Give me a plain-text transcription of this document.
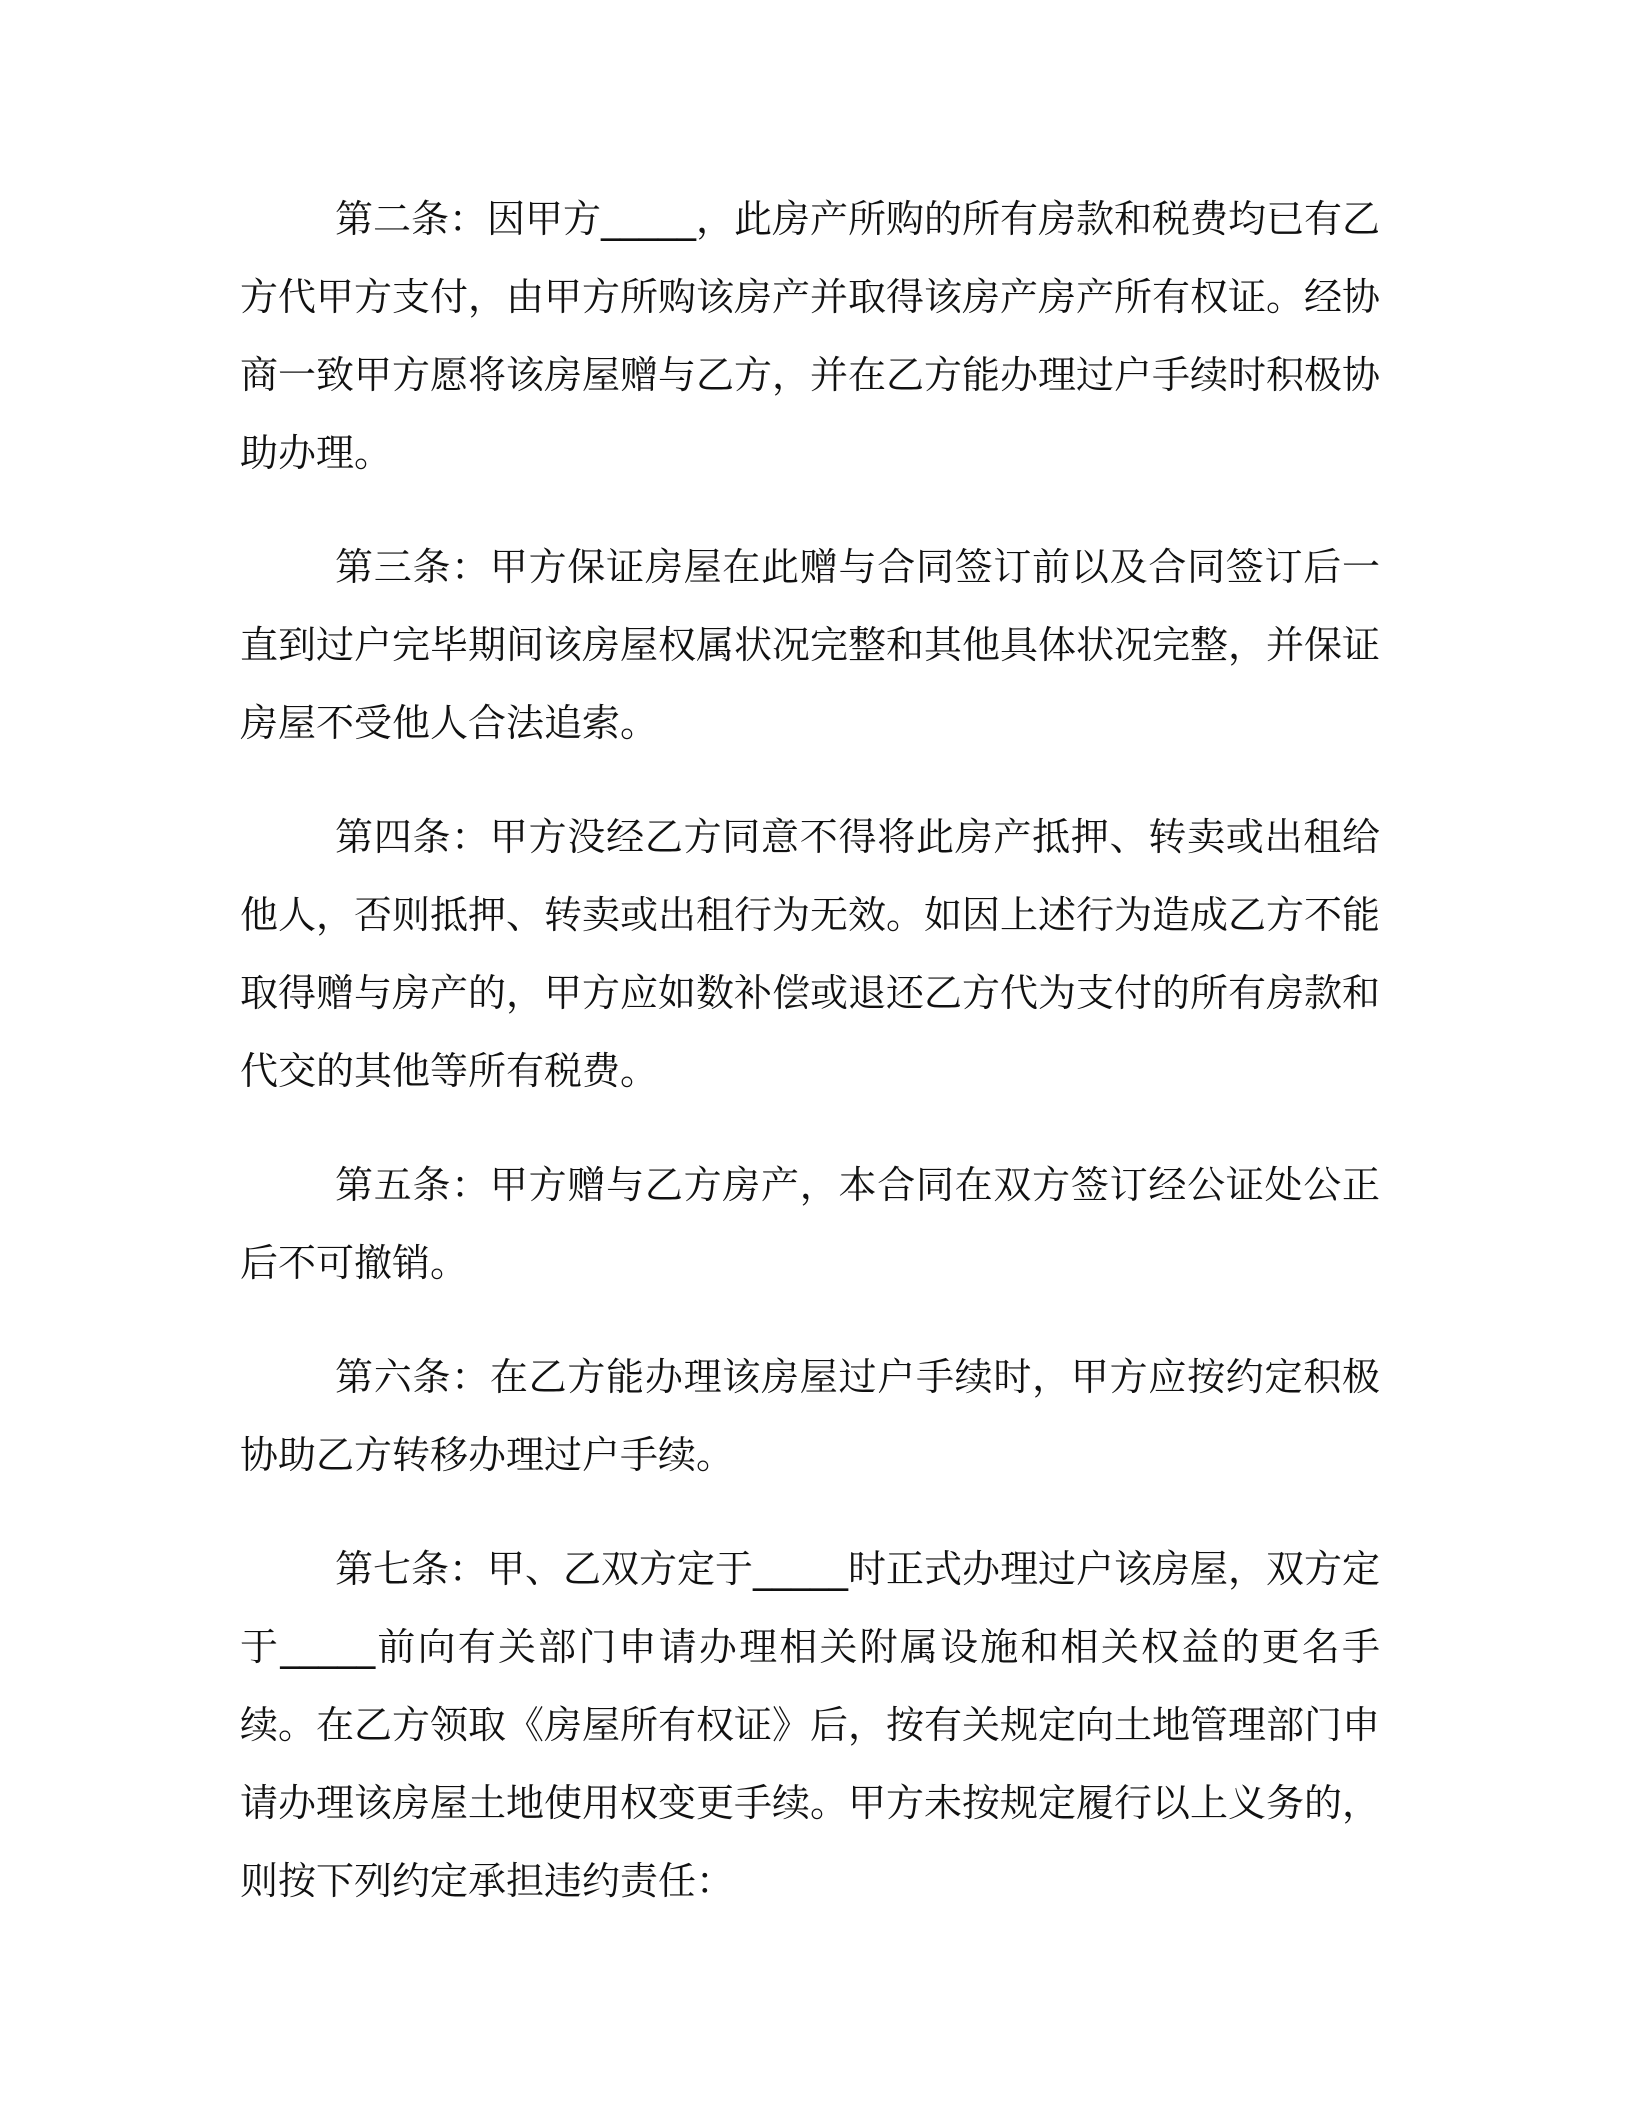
第二条：因甲方_____，此房产所购的所有房款和税费均已有乙方代甲方支付，由甲方所购该房产并取得该房产房产所有权证。经协商一致甲方愿将该房屋赠与乙方，并在乙方能办理过户手续时积极协助办理。

第三条：甲方保证房屋在此赠与合同签订前以及合同签订后一直到过户完毕期间该房屋权属状况完整和其他具体状况完整，并保证房屋不受他人合法追索。

第四条：甲方没经乙方同意不得将此房产抵押、转卖或出租给他人，否则抵押、转卖或出租行为无效。如因上述行为造成乙方不能取得赠与房产的，甲方应如数补偿或退还乙方代为支付的所有房款和代交的其他等所有税费。

第五条：甲方赠与乙方房产，本合同在双方签订经公证处公正后不可撤销。

第六条：在乙方能办理该房屋过户手续时，甲方应按约定积极协助乙方转移办理过户手续。

第七条：甲、乙双方定于_____时正式办理过户该房屋，双方定于_____前向有关部门申请办理相关附属设施和相关权益的更名手续。在乙方领取《房屋所有权证》后，按有关规定向土地管理部门申请办理该房屋土地使用权变更手续。甲方未按规定履行以上义务的，则按下列约定承担违约责任：
